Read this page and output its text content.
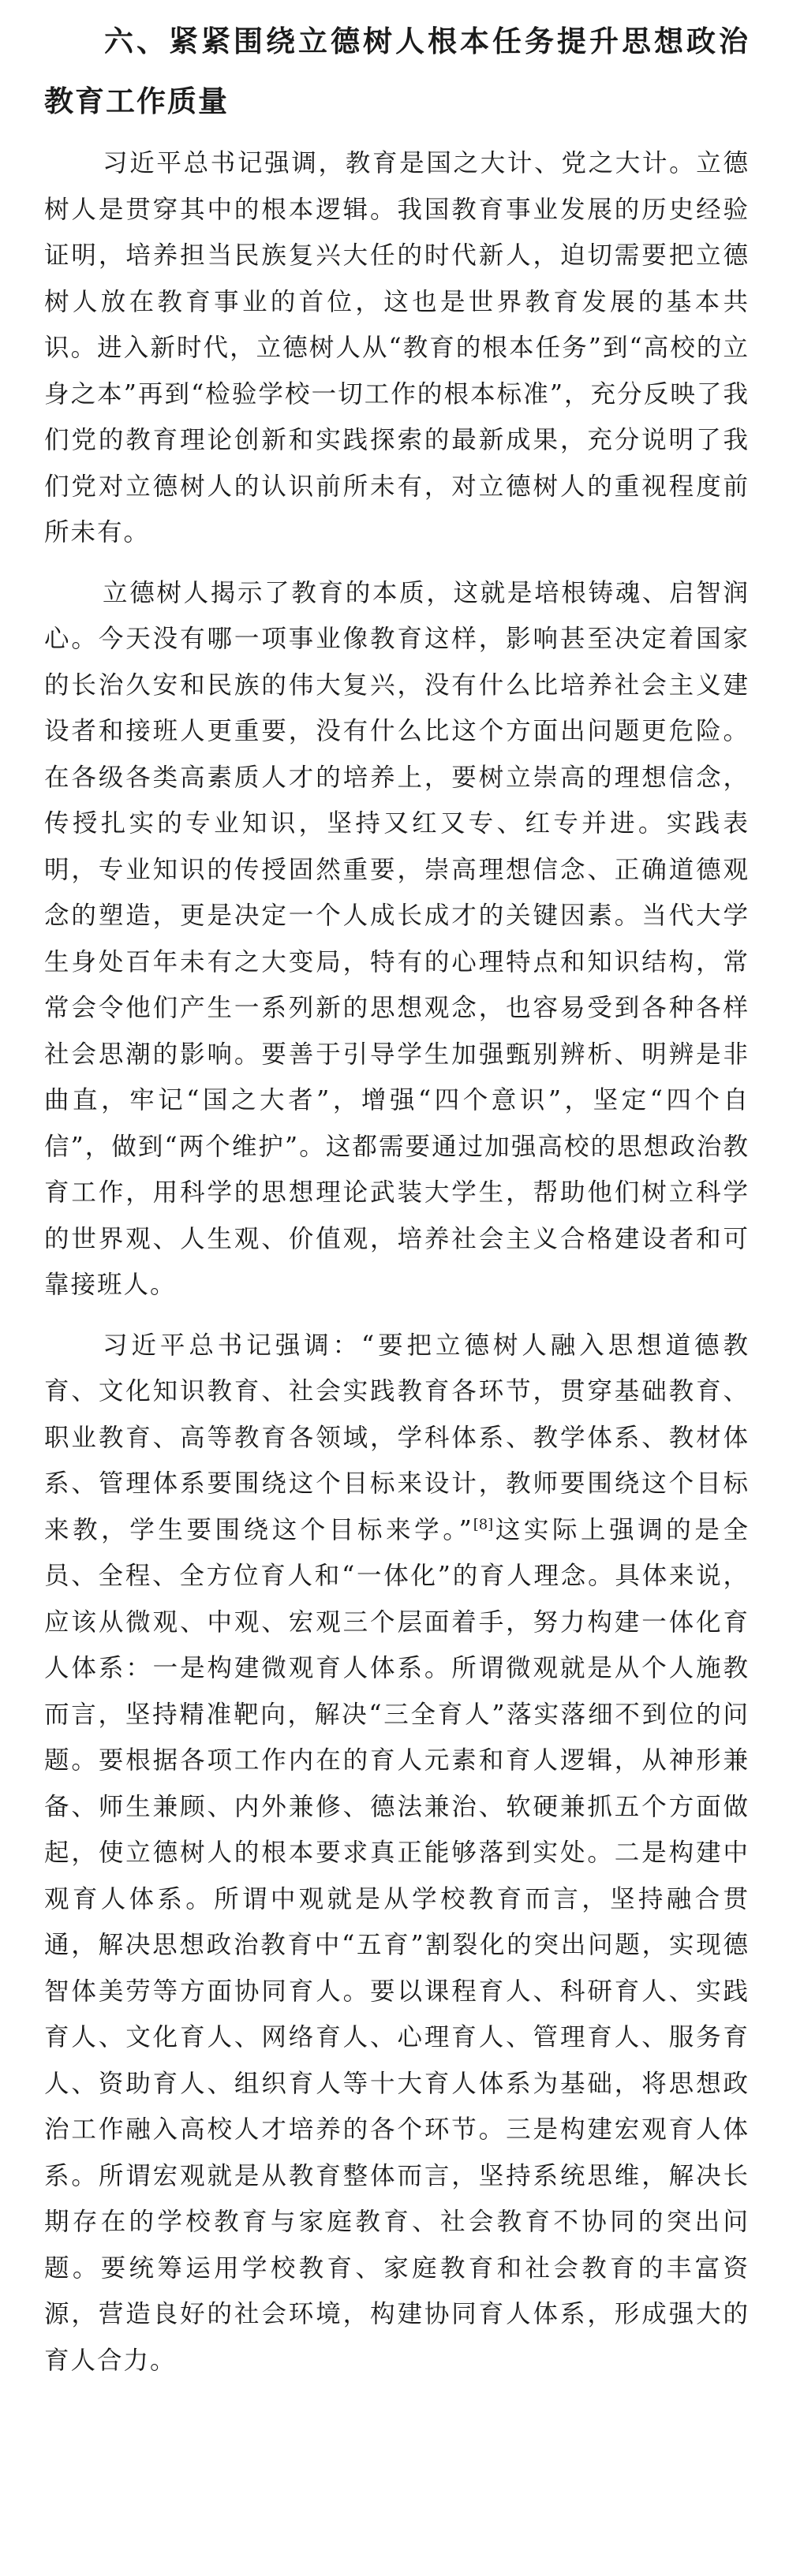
六、紧紧围绕立德树人根本任务提升思想政治教育工作质量

习近平总书记强调，教育是国之大计、党之大计。立德树人是贯穿其中的根本逻辑。我国教育事业发展的历史经验证明，培养担当民族复兴大任的时代新人，迫切需要把立德树人放在教育事业的首位，这也是世界教育发展的基本共识。进入新时代，立德树人从“教育的根本任务”到“高校的立身之本”再到“检验学校一切工作的根本标准”，充分反映了我们党的教育理论创新和实践探索的最新成果，充分说明了我们党对立德树人的认识前所未有，对立德树人的重视程度前所未有。

立德树人揭示了教育的本质，这就是培根铸魂、启智润心。今天没有哪一项事业像教育这样，影响甚至决定着国家的长治久安和民族的伟大复兴，没有什么比培养社会主义建设者和接班人更重要，没有什么比这个方面出问题更危险。在各级各类高素质人才的培养上，要树立崇高的理想信念，传授扎实的专业知识，坚持又红又专、红专并进。实践表明，专业知识的传授固然重要，崇高理想信念、正确道德观念的塑造，更是决定一个人成长成才的关键因素。当代大学生身处百年未有之大变局，特有的心理特点和知识结构，常常会令他们产生一系列新的思想观念，也容易受到各种各样社会思潮的影响。要善于引导学生加强甄别辨析、明辨是非曲直，牢记“国之大者”，增强“四个意识”，坚定“四个自信”，做到“两个维护”。这都需要通过加强高校的思想政治教育工作，用科学的思想理论武装大学生，帮助他们树立科学的世界观、人生观、价值观，培养社会主义合格建设者和可靠接班人。

习近平总书记强调：“要把立德树人融入思想道德教育、文化知识教育、社会实践教育各环节，贯穿基础教育、职业教育、高等教育各领域，学科体系、教学体系、教材体系、管理体系要围绕这个目标来设计，教师要围绕这个目标来教，学生要围绕这个目标来学。”[8]这实际上强调的是全员、全程、全方位育人和“一体化”的育人理念。具体来说，应该从微观、中观、宏观三个层面着手，努力构建一体化育人体系：一是构建微观育人体系。所谓微观就是从个人施教而言，坚持精准靶向，解决“三全育人”落实落细不到位的问题。要根据各项工作内在的育人元素和育人逻辑，从神形兼备、师生兼顾、内外兼修、德法兼治、软硬兼抓五个方面做起，使立德树人的根本要求真正能够落到实处。二是构建中观育人体系。所谓中观就是从学校教育而言，坚持融合贯通，解决思想政治教育中“五育”割裂化的突出问题，实现德智体美劳等方面协同育人。要以课程育人、科研育人、实践育人、文化育人、网络育人、心理育人、管理育人、服务育人、资助育人、组织育人等十大育人体系为基础，将思想政治工作融入高校人才培养的各个环节。三是构建宏观育人体系。所谓宏观就是从教育整体而言，坚持系统思维，解决长期存在的学校教育与家庭教育、社会教育不协同的突出问题。要统筹运用学校教育、家庭教育和社会教育的丰富资源，营造良好的社会环境，构建协同育人体系，形成强大的育人合力。
